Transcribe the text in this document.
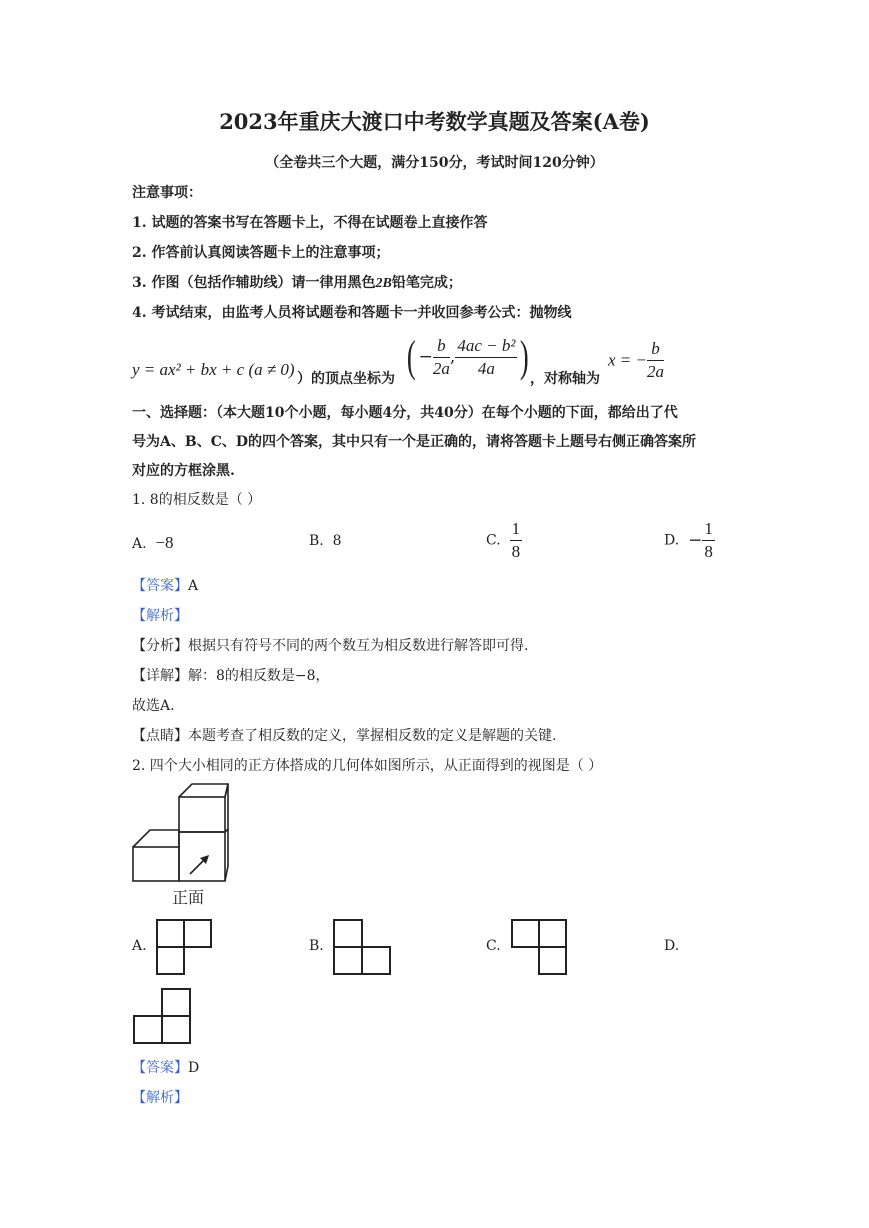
2023年重庆大渡口中考数学真题及答案(A卷)
（全卷共三个大题，满分150分，考试时间120分钟）
注意事项：
1. 试题的答案书写在答题卡上，不得在试题卷上直接作答
2. 作答前认真阅读答题卡上的注意事项；
3. 作图（包括作辅助线）请一律用黑色2B铅笔完成；
4. 考试结束，由监考人员将试题卷和答题卡一并收回参考公式：抛物线
y = ax² + bx + c (a ≠ 0) ）的顶点坐标为 ( − $\frac{b}{2a}$ , $\frac{\text{4ac − b²}}{4a}$ ) ，对称轴为
x = − $\frac{b}{2a}$
一、选择题：（本大题10个小题，每小题4分，共40分）在每个小题的下面，都给出了代
号为A、B、C、D的四个答案，其中只有一个是正确的，请将答题卡上题号右侧正确答案所
对应的方框涂黑.
1. 8的相反数是（ ）
A. −8	B. 8	C. $\frac{1}{8}$	D. − $\frac{1}{8}$
【答案】A
【解析】
【分析】根据只有符号不同的两个数互为相反数进行解答即可得.
【详解】解：8的相反数是−8，
故选A.
【点睛】本题考查了相反数的定义，掌握相反数的定义是解题的关键.
2. 四个大小相同的正方体搭成的几何体如图所示，从正面得到的视图是（ ）
正面
A.	B.	C.	D.
【答案】D
【解析】
